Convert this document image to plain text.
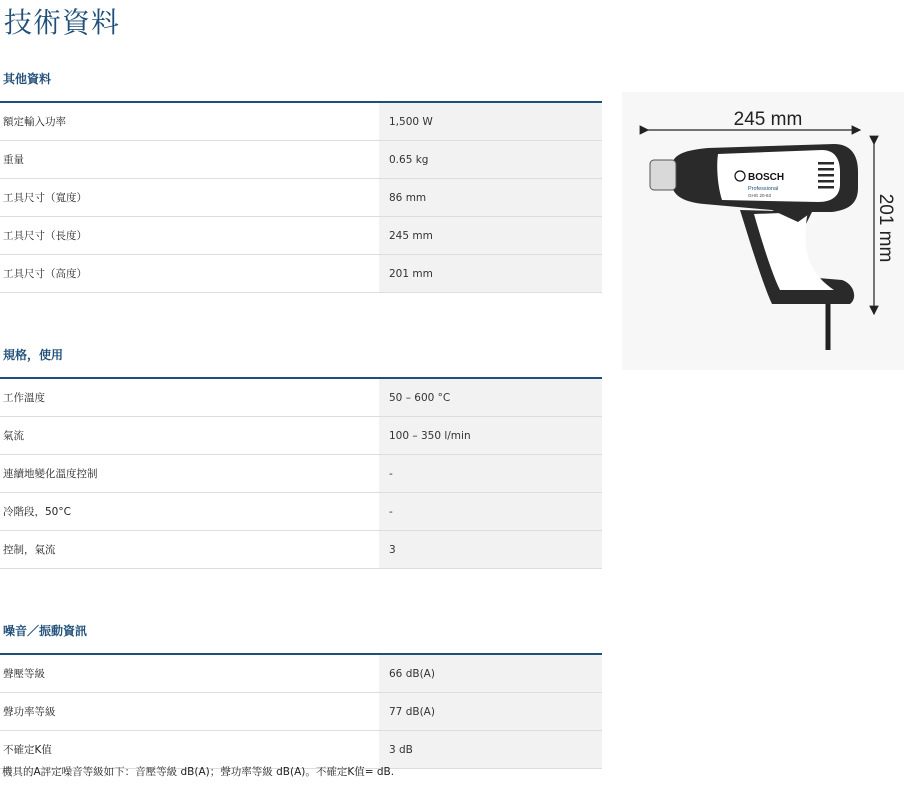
技術資料
其他資料
額定輸入功率	1,500 W
重量	0.65 kg
工具尺寸（寬度）	86 mm
工具尺寸（長度）	245 mm
工具尺寸（高度）	201 mm
規格，使用
工作溫度	50 – 600 °C
氣流	100 – 350 l/min
連續地變化溫度控制	-
冷階段，50°C	-
控制，氣流	3
噪音／振動資訊
聲壓等級	66 dB(A)
聲功率等級	77 dB(A)
不確定K值	3 dB

機具的A評定噪音等級如下：音壓等級 dB(A)；聲功率等級 dB(A)。不確定K值= dB.

245 mm
201 mm
BOSCH
Professional
GHG 20-63
